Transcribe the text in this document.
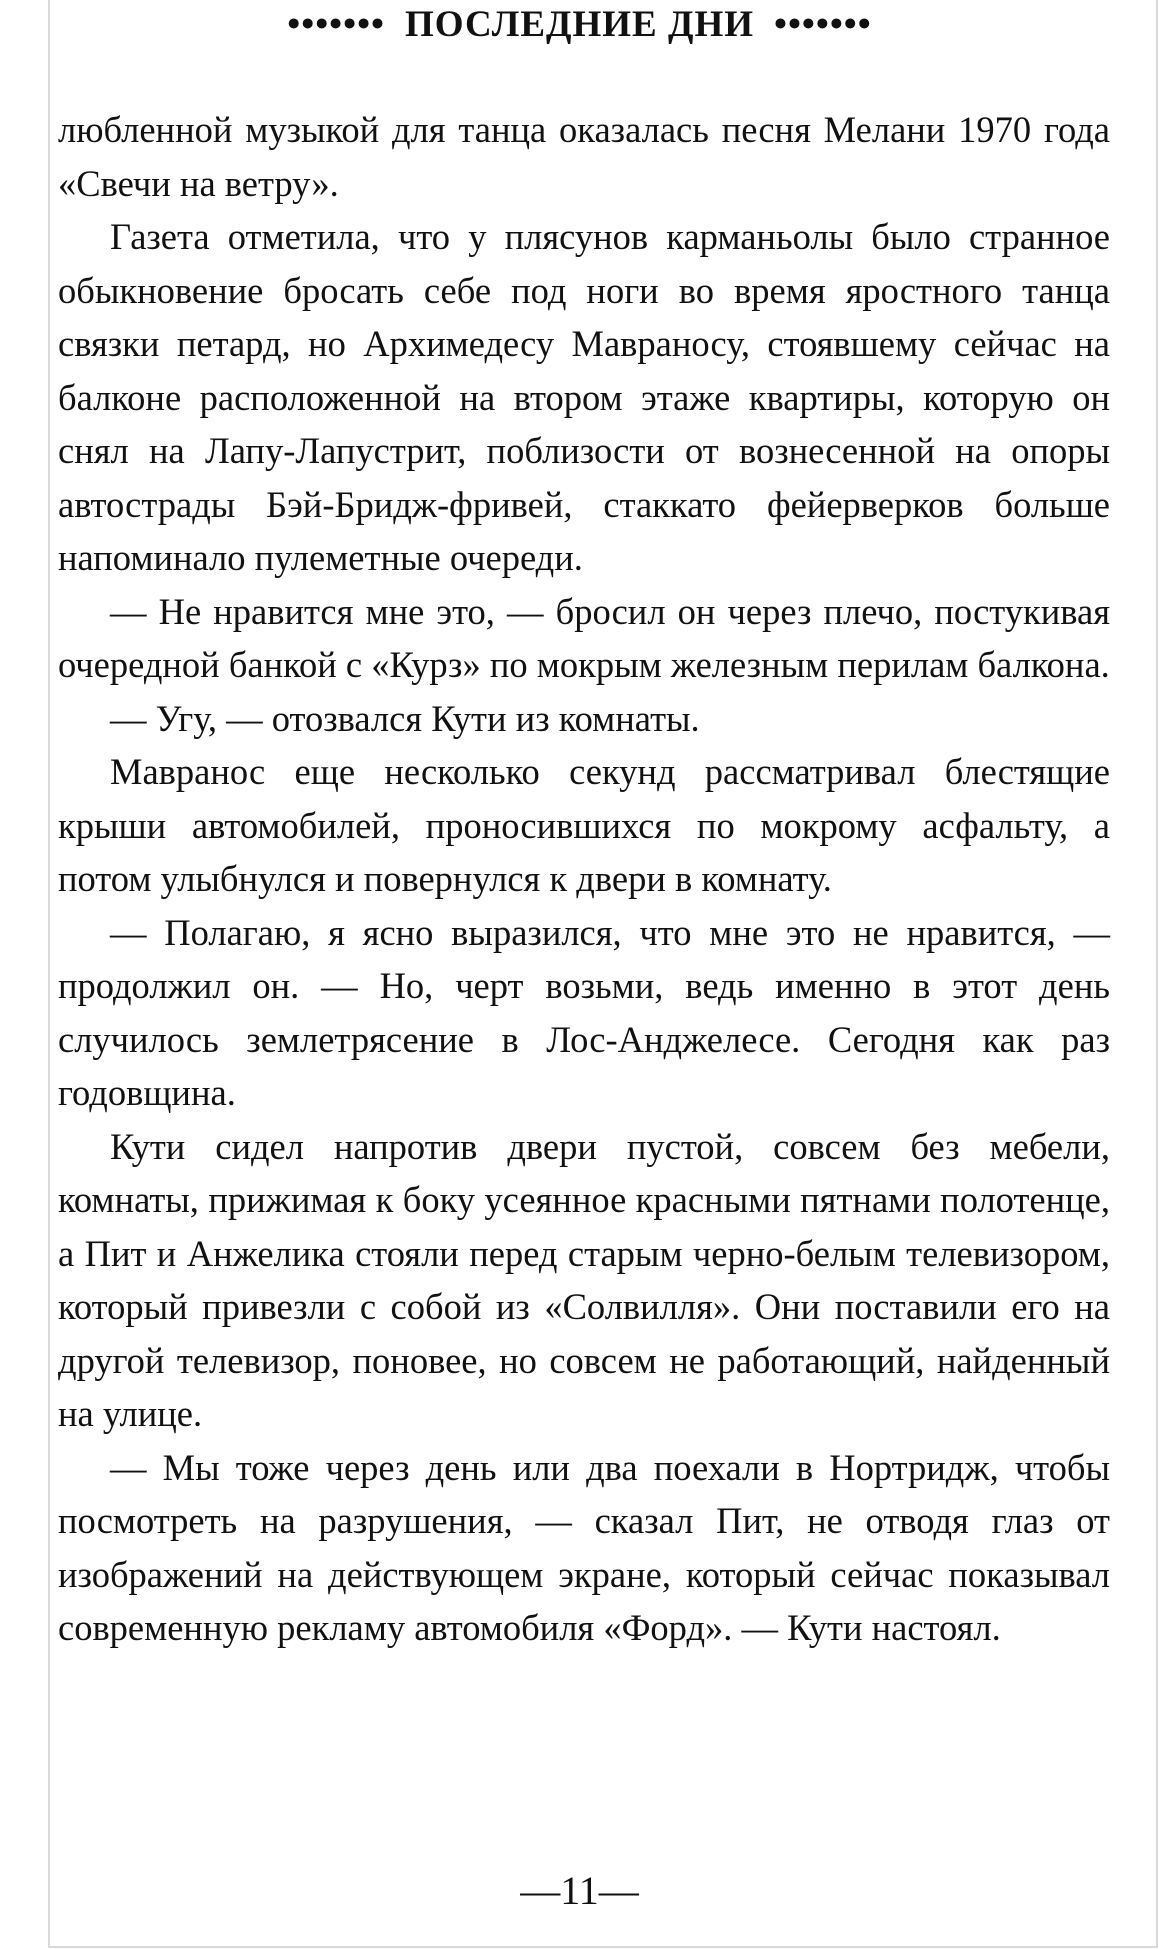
••••••• ПОСЛЕДНИЕ ДНИ •••••••

любленной музыкой для танца оказалась песня Мелани 1970 года «Свечи на ветру».

Газета отметила, что у плясунов карманьолы было странное обыкновение бросать себе под ноги во время яростного танца связки петард, но Архимедесу Мавраносу, стоявшему сейчас на балконе расположенной на втором этаже квартиры, которую он снял на Лапу-Лапустрит, поблизости от вознесенной на опоры автострады Бэй-Бридж-фривей, стаккато фейерверков больше напоминало пулеметные очереди.

— Не нравится мне это, — бросил он через плечо, постукивая очередной банкой с «Курз» по мокрым железным перилам балкона.

— Угу, — отозвался Кути из комнаты.

Мавранос еще несколько секунд рассматривал блестящие крыши автомобилей, проносившихся по мокрому асфальту, а потом улыбнулся и повернулся к двери в комнату.

— Полагаю, я ясно выразился, что мне это не нравится, — продолжил он. — Но, черт возьми, ведь именно в этот день случилось землетрясение в Лос-Анджелесе. Сегодня как раз годовщина.

Кути сидел напротив двери пустой, совсем без мебели, комнаты, прижимая к боку усеянное красными пятнами полотенце, а Пит и Анжелика стояли перед старым черно-белым телевизором, который привезли с собой из «Солвилля». Они поставили его на другой телевизор, поновее, но совсем не работающий, найденный на улице.

— Мы тоже через день или два поехали в Нортридж, чтобы посмотреть на разрушения, — сказал Пит, не отводя глаз от изображений на действующем экране, который сейчас показывал современную рекламу автомобиля «Форд». — Кути настоял.

—11—
